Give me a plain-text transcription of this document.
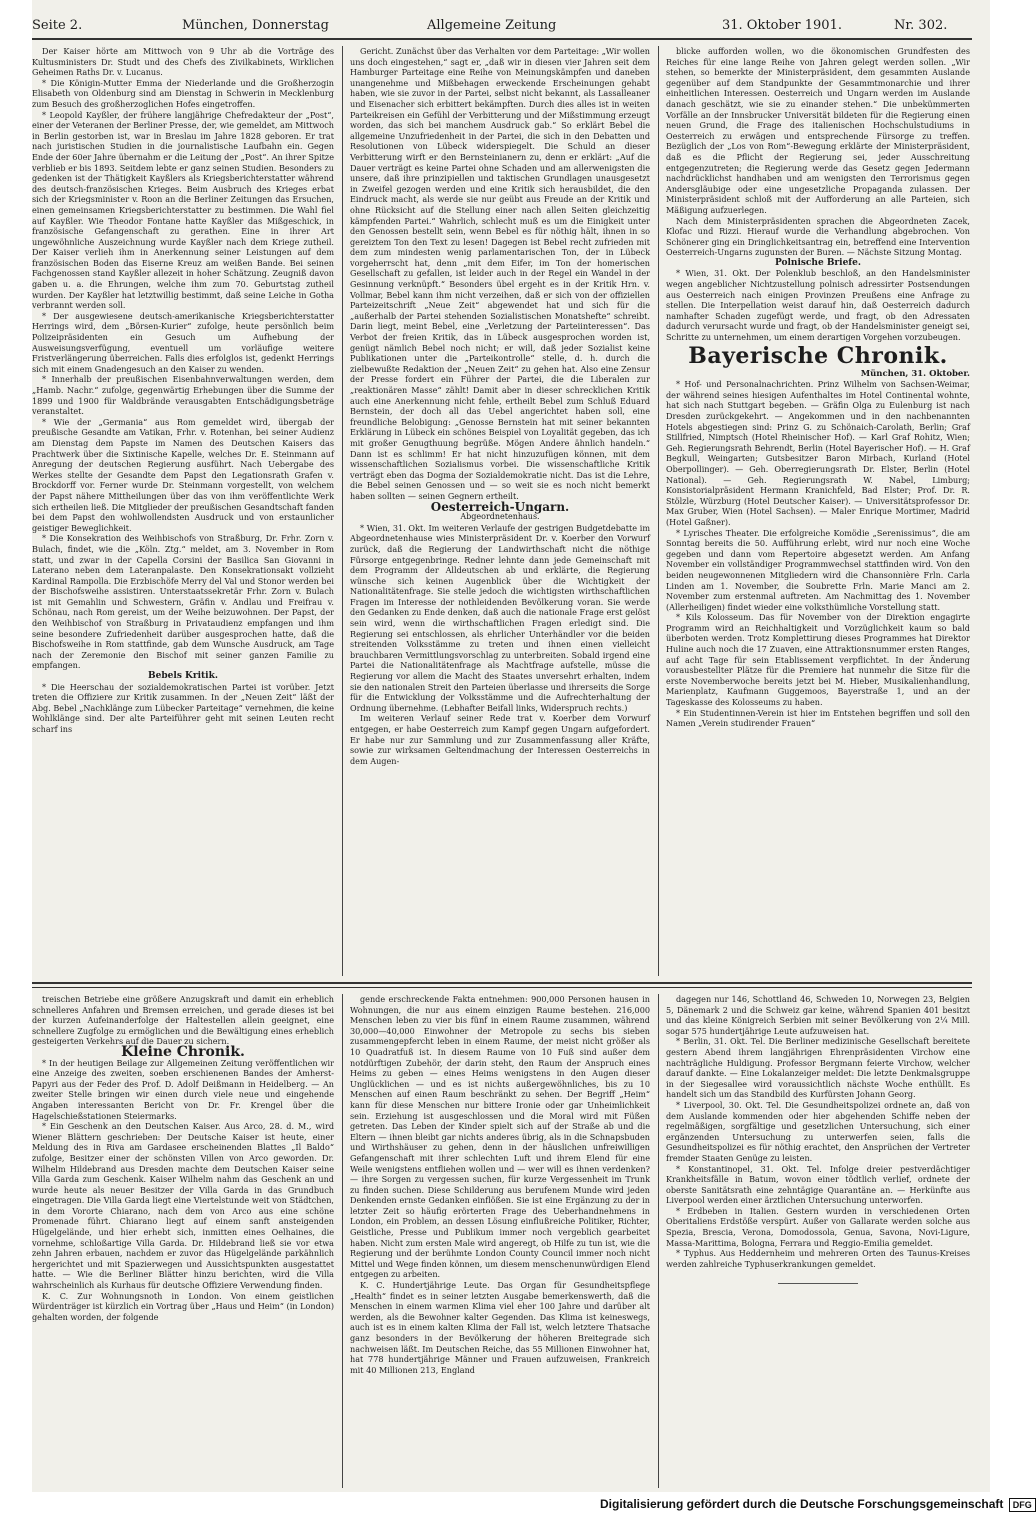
Seite 2.	München, Donnerstag	Allgemeine Zeitung	31. Oktober 1901.	Nr. 302.

Der Kaiser hörte am Mittwoch von 9 Uhr ab die Vorträge des Kultusministers Dr. Studt und des Chefs des Zivilkabinets, Wirklichen Geheimen Raths Dr. v. Lucanus.

* Die Königin-Mutter Emma der Niederlande und die Großherzogin Elisabeth von Oldenburg sind am Dienstag in Schwerin in Mecklenburg zum Besuch des großherzoglichen Hofes eingetroffen.

* Leopold Kayßler, der frühere langjährige Chefredakteur der „Post“, einer der Veteranen der Berliner Presse, der, wie gemeldet, am Mittwoch in Berlin gestorben ist, war in Breslau im Jahre 1828 geboren. Er trat nach juristischen Studien in die journalistische Laufbahn ein. Gegen Ende der 60er Jahre übernahm er die Leitung der „Post“. An ihrer Spitze verblieb er bis 1893. Seitdem lebte er ganz seinen Studien. Besonders zu gedenken ist der Thätigkeit Kayßlers als Kriegsberichterstatter während des deutsch-französischen Krieges. Beim Ausbruch des Krieges erbat sich der Kriegsminister v. Roon an die Berliner Zeitungen das Ersuchen, einen gemeinsamen Kriegsberichterstatter zu bestimmen. Die Wahl fiel auf Kayßler. Wie Theodor Fontane hatte Kayßler das Mißgeschick, in französische Gefangenschaft zu gerathen. Eine in ihrer Art ungewöhnliche Auszeichnung wurde Kayßler nach dem Kriege zutheil. Der Kaiser verlieh ihm in Anerkennung seiner Leistungen auf dem französischen Boden das Eiserne Kreuz am weißen Bande. Bei seinen Fachgenossen stand Kayßler allezeit in hoher Schätzung. Zeugniß davon gaben u. a. die Ehrungen, welche ihm zum 70. Geburtstag zutheil wurden. Der Kayßler hat letztwillig bestimmt, daß seine Leiche in Gotha verbrannt werden soll.

* Der ausgewiesene deutsch-amerikanische Kriegsberichterstatter Herrings wird, dem „Börsen-Kurier“ zufolge, heute persönlich beim Polizeipräsidenten ein Gesuch um Aufhebung der Ausweisungsverfügung, eventuell um vorläufige weitere Fristverlängerung überreichen. Falls dies erfolglos ist, gedenkt Herrings sich mit einem Gnadengesuch an den Kaiser zu wenden.

* Innerhalb der preußischen Eisenbahnverwaltungen werden, dem „Hamb. Nachr.“ zufolge, gegenwärtig Erhebungen über die Summe der 1899 und 1900 für Waldbrände verausgabten Entschädigungsbeträge veranstaltet.

* Wie der „Germania“ aus Rom gemeldet wird, übergab der preußische Gesandte am Vatikan, Frhr. v. Rotenhan, bei seiner Audienz am Dienstag dem Papste im Namen des Deutschen Kaisers das Prachtwerk über die Sixtinische Kapelle, welches Dr. E. Steinmann auf Anregung der deutschen Regierung ausführt. Nach Uebergabe des Werkes stellte der Gesandte dem Papst den Legationsrath Grafen v. Brockdorff vor. Ferner wurde Dr. Steinmann vorgestellt, von welchem der Papst nähere Mittheilungen über das von ihm veröffentlichte Werk sich ertheilen ließ. Die Mitglieder der preußischen Gesandtschaft fanden bei dem Papst den wohlwollendsten Ausdruck und von erstaunlicher geistiger Beweglichkeit.

* Die Konsekration des Weihbischofs von Straßburg, Dr. Frhr. Zorn v. Bulach, findet, wie die „Köln. Ztg.“ meldet, am 3. November in Rom statt, und zwar in der Capella Corsini der Basilica San Giovanni in Laterano neben dem Lateranpalaste. Den Konsekrationsakt vollzieht Kardinal Rampolla. Die Erzbischöfe Merry del Val und Stonor werden bei der Bischofsweihe assistiren. Unterstaatssekretär Frhr. Zorn v. Bulach ist mit Gemahlin und Schwestern, Gräfin v. Andlau und Freifrau v. Schönau, nach Rom gereist, um der Weihe beizuwohnen. Der Papst, der den Weihbischof von Straßburg in Privataudienz empfangen und ihm seine besondere Zufriedenheit darüber ausgesprochen hatte, daß die Bischofsweihe in Rom stattfinde, gab dem Wunsche Ausdruck, am Tage nach der Zeremonie den Bischof mit seiner ganzen Familie zu empfangen.

Bebels Kritik.

* Die Heerschau der sozialdemokratischen Partei ist vorüber. Jetzt treten die Offiziere zur Kritik zusammen. In der „Neuen Zeit“ läßt der Abg. Bebel „Nachklänge zum Lübecker Parteitage“ vernehmen, die keine Wohlklänge sind. Der alte Parteiführer geht mit seinen Leuten recht scharf ins

Gericht. Zunächst über das Verhalten vor dem Parteitage: „Wir wollen uns doch eingestehen,“ sagt er, „daß wir in diesen vier Jahren seit dem Hamburger Parteitage eine Reihe von Meinungskämpfen und daneben unangenehme und Mißbehagen erweckende Erscheinungen gehabt haben, wie sie zuvor in der Partei, selbst nicht bekannt, als Lassalleaner und Eisenacher sich erbittert bekämpften. Durch dies alles ist in weiten Parteikreisen ein Gefühl der Verbitterung und der Mißstimmung erzeugt worden, das sich bei manchem Ausdruck gab.“ So erklärt Bebel die allgemeine Unzufriedenheit in der Partei, die sich in den Debatten und Resolutionen von Lübeck widerspiegelt. Die Schuld an dieser Verbitterung wirft er den Bernsteinianern zu, denn er erklärt: „Auf die Dauer verträgt es keine Partei ohne Schaden und am allerwenigsten die unsere, daß ihre prinzipiellen und taktischen Grundlagen unausgesetzt in Zweifel gezogen werden und eine Kritik sich herausbildet, die den Eindruck macht, als werde sie nur geübt aus Freude an der Kritik und ohne Rücksicht auf die Stellung einer nach allen Seiten gleichzeitig kämpfenden Partei.“ Wahrlich, schlecht muß es um die Einigkeit unter den Genossen bestellt sein, wenn Bebel es für nöthig hält, ihnen in so gereiztem Ton den Text zu lesen! Dagegen ist Bebel recht zufrieden mit dem zum mindesten wenig parlamentarischen Ton, der in Lübeck vorgeherrscht hat, denn „mit dem Eifer, im Ton der homerischen Gesellschaft zu gefallen, ist leider auch in der Regel ein Wandel in der Gesinnung verknüpft.“ Besonders übel ergeht es in der Kritik Hrn. v. Vollmar, Bebel kann ihm nicht verzeihen, daß er sich von der offiziellen Parteizeitschrift „Neue Zeit“ abgewendet hat und sich für die „außerhalb der Partei stehenden Sozialistischen Monatshefte“ schreibt. Darin liegt, meint Bebel, eine „Verletzung der Parteiinteressen“. Das Verbot der freien Kritik, das in Lübeck ausgesprochen worden ist, genügt nämlich Bebel noch nicht; er will, daß jeder Sozialist keine Publikationen unter die „Parteikontrolle“ stelle, d. h. durch die zielbewußte Redaktion der „Neuen Zeit“ zu gehen hat. Also eine Zensur der Presse fordert ein Führer der Partei, die die Liberalen zur „reaktionären Masse“ zählt! Damit aber in dieser schrecklichen Kritik auch eine Anerkennung nicht fehle, ertheilt Bebel zum Schluß Eduard Bernstein, der doch all das Uebel angerichtet haben soll, eine freundliche Belobigung: „Genosse Bernstein hat mit seiner bekannten Erklärung in Lübeck ein schönes Beispiel von Loyalität gegeben, das ich mit großer Genugthuung begrüße. Mögen Andere ähnlich handeln.“ Dann ist es schlimm! Er hat nicht hinzuzufügen können, mit dem wissenschaftlichen Sozialismus vorbei. Die wissenschaftliche Kritik verträgt eben das Dogma der Sozialdemokratie nicht. Das ist die Lehre, die Bebel seinen Genossen und — so weit sie es noch nicht bemerkt haben sollten — seinen Gegnern ertheilt.

Oesterreich-Ungarn.

Abgeordnetenhaus.

* Wien, 31. Okt. Im weiteren Verlaufe der gestrigen Budgetdebatte im Abgeordnetenhause wies Ministerpräsident Dr. v. Koerber den Vorwurf zurück, daß die Regierung der Landwirthschaft nicht die nöthige Fürsorge entgegenbringe. Redner lehnte dann jede Gemeinschaft mit dem Programm der Alldeutschen ab und erklärte, die Regierung wünsche sich keinen Augenblick über die Wichtigkeit der Nationalitätenfrage. Sie stelle jedoch die wichtigsten wirthschaftlichen Fragen im Interesse der nothleidenden Bevölkerung voran. Sie werde den Gedanken zu Ende denken, daß auch die nationale Frage erst gelöst sein wird, wenn die wirthschaftlichen Fragen erledigt sind. Die Regierung sei entschlossen, als ehrlicher Unterhändler vor die beiden streitenden Volksstämme zu treten und ihnen einen vielleicht brauchbaren Vermittlungsvorschlag zu unterbreiten. Sobald irgend eine Partei die Nationalitätenfrage als Machtfrage aufstelle, müsse die Regierung vor allem die Macht des Staates unversehrt erhalten, indem sie den nationalen Streit den Parteien überlasse und ihrerseits die Sorge für die Entwicklung der Volksstämme und die Aufrechterhaltung der Ordnung übernehme. (Lebhafter Beifall links, Widerspruch rechts.)

Im weiteren Verlauf seiner Rede trat v. Koerber dem Vorwurf entgegen, er habe Oesterreich zum Kampf gegen Ungarn aufgefordert. Er habe nur zur Sammlung und zur Zusammenfassung aller Kräfte, sowie zur wirksamen Geltendmachung der Interessen Oesterreichs in dem Augen-

blicke aufforden wollen, wo die ökonomischen Grundfesten des Reiches für eine lange Reihe von Jahren gelegt werden sollen. „Wir stehen, so bemerkte der Ministerpräsident, dem gesammten Auslande gegenüber auf dem Standpunkte der Gesammtmonarchie und ihrer einheitlichen Interessen. Oesterreich und Ungarn werden im Auslande danach geschätzt, wie sie zu einander stehen.“ Die unbekümmerten Vorfälle an der Innsbrucker Universität bildeten für die Regierung einen neuen Grund, die Frage des italienischen Hochschulstudiums in Oesterreich zu erwägen und entsprechende Fürsorge zu treffen. Bezüglich der „Los von Rom“-Bewegung erklärte der Ministerpräsident, daß es die Pflicht der Regierung sei, jeder Ausschreitung entgegenzutreten; die Regierung werde das Gesetz gegen Jedermann nachdrücklichst handhaben und am wenigsten den Terrorismus gegen Andersgläubige oder eine ungesetzliche Propaganda zulassen. Der Ministerpräsident schloß mit der Aufforderung an alle Parteien, sich Mäßigung aufzuerlegen.

Nach dem Ministerpräsidenten sprachen die Abgeordneten Zacek, Klofac und Rizzi. Hierauf wurde die Verhandlung abgebrochen. Von Schönerer ging ein Dringlichkeitsantrag ein, betreffend eine Intervention Oesterreich-Ungarns zugunsten der Buren. — Nächste Sitzung Montag.

Polnische Briefe.

* Wien, 31. Okt. Der Polenklub beschloß, an den Handelsminister wegen angeblicher Nichtzustellung polnisch adressirter Postsendungen aus Oesterreich nach einigen Provinzen Preußens eine Anfrage zu stellen. Die Interpellation weist darauf hin, daß Oesterreich dadurch namhafter Schaden zugefügt werde, und fragt, ob den Adressaten dadurch verursacht wurde und fragt, ob der Handelsminister geneigt sei, Schritte zu unternehmen, um einem derartigen Vorgehen vorzubeugen.

Bayerische Chronik.

München, 31. Oktober.

* Hof- und Personalnachrichten. Prinz Wilhelm von Sachsen-Weimar, der während seines hiesigen Aufenthaltes im Hotel Continental wohnte, hat sich nach Stuttgart begeben. — Gräfin Olga zu Eulenburg ist nach Dresden zurückgekehrt. — Angekommen und in den nachbenannten Hotels abgestiegen sind: Prinz G. zu Schönaich-Carolath, Berlin; Graf Stillfried, Nimptsch (Hotel Rheinischer Hof). — Karl Graf Rohitz, Wien; Geh. Regierungsrath Behrendt, Berlin (Hotel Bayerischer Hof). — H. Graf Begkull, Weingarten; Gutsbesitzer Baron Mirbach, Kurland (Hotel Oberpollinger). — Geh. Oberregierungsrath Dr. Elster, Berlin (Hotel National). — Geh. Regierungsrath W. Nabel, Limburg; Konsistorialpräsident Hermann Kranichfeld, Bad Elster; Prof. Dr. R. Stölzle, Würzburg (Hotel Deutscher Kaiser). — Universitätsprofessor Dr. Max Gruber, Wien (Hotel Sachsen). — Maler Enrique Mortimer, Madrid (Hotel Gaßner).

* Lyrisches Theater. Die erfolgreiche Komödie „Serenissimus“, die am Sonntag bereits die 50. Aufführung erlebt, wird nur noch eine Woche gegeben und dann vom Repertoire abgesetzt werden. Am Anfang November ein vollständiger Programmwechsel stattfinden wird. Von den beiden neugewonnenen Mitgliedern wird die Chansonnière Frln. Carla Linden am 1. November, die Soubrette Frln. Marie Manci am 2. November zum erstenmal auftreten. Am Nachmittag des 1. November (Allerheiligen) findet wieder eine volksthümliche Vorstellung statt.

* Kils Kolosseum. Das für November von der Direktion engagirte Programm wird an Reichhaltigkeit und Vorzüglichkeit kaum so bald überboten werden. Trotz Komplettirung dieses Programmes hat Direktor Huline auch noch die 17 Zuaven, eine Attraktionsnummer ersten Ranges, auf acht Tage für sein Etablissement verpflichtet. In der Änderung vorausbestellter Plätze für die Premiere hat nunmehr die Sitze für die erste Novemberwoche bereits jetzt bei M. Hieber, Musikalienhandlung, Marienplatz, Kaufmann Guggemoos, Bayerstraße 1, und an der Tageskasse des Kolosseums zu haben.

* Ein Studentinnen-Verein ist hier im Entstehen begriffen und soll den Namen „Verein studirender Frauen“

treischen Betriebe eine größere Anzugskraft und damit ein erheblich schnelleres Anfahren und Bremsen erreichen, und gerade dieses ist bei der kurzen Aufeinanderfolge der Haltestellen allein geeignet, eine schnellere Zugfolge zu ermöglichen und die Bewältigung eines erheblich gesteigerten Verkehrs auf die Dauer zu sichern.

Kleine Chronik.

* In der heutigen Beilage zur Allgemeinen Zeitung veröffentlichen wir eine Anzeige des zweiten, soeben erschienenen Bandes der Amherst-Papyri aus der Feder des Prof. D. Adolf Deißmann in Heidelberg. — An zweiter Stelle bringen wir einen durch viele neue und eingehende Angaben interessanten Bericht von Dr. Fr. Krengel über die Hagelschießstationen Steiermarks.

* Ein Geschenk an den Deutschen Kaiser. Aus Arco, 28. d. M., wird Wiener Blättern geschrieben: Der Deutsche Kaiser ist heute, einer Meldung des in Riva am Gardasee erscheinenden Blattes „Il Baldo“ zufolge, Besitzer einer der schönsten Villen von Arco geworden. Dr. Wilhelm Hildebrand aus Dresden machte dem Deutschen Kaiser seine Villa Garda zum Geschenk. Kaiser Wilhelm nahm das Geschenk an und wurde heute als neuer Besitzer der Villa Garda in das Grundbuch eingetragen. Die Villa Garda liegt eine Viertelstunde weit von Städtchen, in dem Vororte Chiarano, nach dem von Arco aus eine schöne Promenade führt. Chiarano liegt auf einem sanft ansteigenden Hügelgelände, und hier erhebt sich, inmitten eines Oelhaines, die vornehme, schloßartige Villa Garda. Dr. Hildebrand ließ sie vor etwa zehn Jahren erbauen, nachdem er zuvor das Hügelgelände parkähnlich hergerichtet und mit Spazierwegen und Aussichtspunkten ausgestattet hatte. — Wie die Berliner Blätter hinzu berichten, wird die Villa wahrscheinlich als Kurhaus für deutsche Offiziere Verwendung finden.

K. C. Zur Wohnungsnoth in London. Von einem geistlichen Würdenträger ist kürzlich ein Vortrag über „Haus und Heim“ (in London) gehalten worden, der folgende

gende erschreckende Fakta entnehmen: 900,000 Personen hausen in Wohnungen, die nur aus einem einzigen Raume bestehen. 216,000 Menschen leben zu vier bis fünf in einem Raume zusammen, während 30,000—40,000 Einwohner der Metropole zu sechs bis sieben zusammengepfercht leben in einem Raume, der meist nicht größer als 10 Quadratfuß ist. In diesem Raume von 10 Fuß sind außer dem notdürftigen Zubehör, der darin steht, den Raum der Anspruch eines Heims zu geben — eines Heims wenigstens in den Augen dieser Unglücklichen — und es ist nichts außergewöhnliches, bis zu 10 Menschen auf einen Raum beschränkt zu sehen. Der Begriff „Heim“ kann für diese Menschen nur bittere Ironie oder gar Unheimlichkeit sein. Erziehung ist ausgeschlossen und die Moral wird mit Füßen getreten. Das Leben der Kinder spielt sich auf der Straße ab und die Eltern — ihnen bleibt gar nichts anderes übrig, als in die Schnapsbuden und Wirthshäuser zu gehen, denn in der häuslichen unfreiwilligen Gefangenschaft mit ihrer schlechten Luft und ihrem Elend für eine Weile wenigstens entfliehen wollen und — wer will es ihnen verdenken? — ihre Sorgen zu vergessen suchen, für kurze Vergessenheit im Trunk zu finden suchen. Diese Schilderung aus berufenem Munde wird jeden Denkenden ernste Gedanken einflößen. Sie ist eine Ergänzung zu der in letzter Zeit so häufig erörterten Frage des Ueberhandnehmens in London, ein Problem, an dessen Lösung einflußreiche Politiker, Richter, Geistliche, Presse und Publikum immer noch vergeblich gearbeitet haben. Nicht zum ersten Male wird angeregt, ob Hilfe zu tun ist, wie die Regierung und der berühmte London County Council immer noch nicht Mittel und Wege finden können, um diesem menschenunwürdigen Elend entgegen zu arbeiten.

K. C. Hundertjährige Leute. Das Organ für Gesundheitspflege „Health“ findet es in seiner letzten Ausgabe bemerkenswerth, daß die Menschen in einem warmen Klima viel eher 100 Jahre und darüber alt werden, als die Bewohner kalter Gegenden. Das Klima ist keineswegs, auch ist es in einem kalten Klima der Fall ist, welch letztere Thatsache ganz besonders in der Bevölkerung der höheren Breitegrade sich nachweisen läßt. Im Deutschen Reiche, das 55 Millionen Einwohner hat, hat 778 hundertjährige Männer und Frauen aufzuweisen, Frankreich mit 40 Millionen 213, England

dagegen nur 146, Schottland 46, Schweden 10, Norwegen 23, Belgien 5, Dänemark 2 und die Schweiz gar keine, während Spanien 401 besitzt und das kleine Königreich Serbien mit seiner Bevölkerung von 2¼ Mill. sogar 575 hundertjährige Leute aufzuweisen hat.

* Berlin, 31. Okt. Tel. Die Berliner medizinische Gesellschaft bereitete gestern Abend ihrem langjährigen Ehrenpräsidenten Virchow eine nachträgliche Huldigung. Professor Bergmann feierte Virchow, welcher darauf dankte. — Eine Lokalanzeiger meldet: Die letzte Denkmalsgruppe in der Siegesallee wird voraussichtlich nächste Woche enthüllt. Es handelt sich um das Standbild des Kurfürsten Johann Georg.

* Liverpool, 30. Okt. Tel. Die Gesundheitspolizei ordnete an, daß von dem Auslande kommenden oder hier abgehenden Schiffe neben der regelmäßigen, sorgfältige und gesetzlichen Untersuchung, sich einer ergänzenden Untersuchung zu unterwerfen seien, falls die Gesundheitspolizei es für nöthig erachtet, den Ansprüchen der Vertreter fremder Staaten Genüge zu leisten.

* Konstantinopel, 31. Okt. Tel. Infolge dreier pestverdächtiger Krankheitsfälle in Batum, wovon einer tödtlich verlief, ordnete der oberste Sanitätsrath eine zehntägige Quarantäne an. — Herkünfte aus Liverpool werden einer ärztlichen Untersuchung unterworfen.

* Erdbeben in Italien. Gestern wurden in verschiedenen Orten Oberitaliens Erdstöße verspürt. Außer von Gallarate werden solche aus Spezia, Brescia, Verona, Domodossola, Genua, Savona, Novi-Ligure, Massa-Marittima, Bologna, Ferrara und Reggio-Emilia gemeldet.

* Typhus. Aus Heddernheim und mehreren Orten des Taunus-Kreises werden zahlreiche Typhuserkrankungen gemeldet.

Digitalisierung gefördert durch die Deutsche Forschungsgemeinschaft DFG
